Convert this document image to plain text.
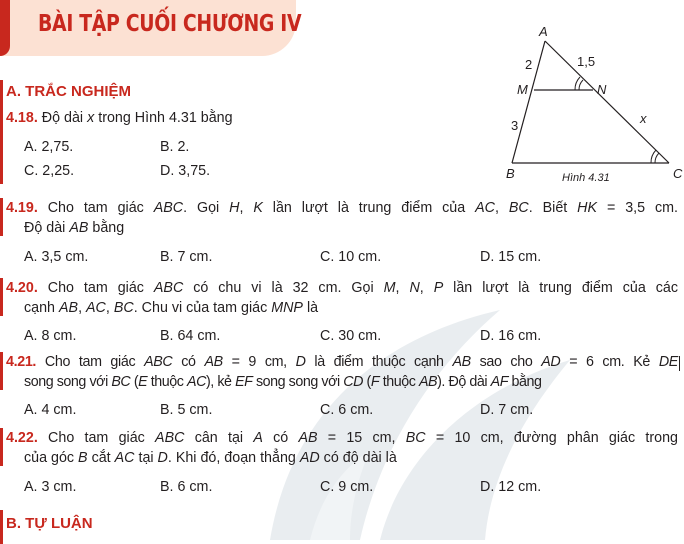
BÀI TẬP CUỐI CHƯƠNG IV
A. TRẮC NGHIỆM
4.18. Độ dài x trong Hình 4.31 bằng
A. 2,75.	B. 2.
C. 2,25.	D. 3,75.
A
B	C
M	N
2	1,5
3	x
Hình 4.31
4.19. Cho tam giác ABC. Gọi H, K lần lượt là trung điểm của AC, BC. Biết HK = 3,5 cm.
Độ dài AB bằng
A. 3,5 cm.	B. 7 cm.	C. 10 cm.	D. 15 cm.
4.20. Cho tam giác ABC có chu vi là 32 cm. Gọi M, N, P lần lượt là trung điểm của các
cạnh AB, AC, BC. Chu vi của tam giác MNP là
A. 8 cm.	B. 64 cm.	C. 30 cm.	D. 16 cm.
4.21. Cho tam giác ABC có AB = 9 cm, D là điểm thuộc cạnh AB sao cho AD = 6 cm. Kẻ DE
song song với BC (E thuộc AC), kẻ EF song song với CD (F thuộc AB). Độ dài AF bằng
A. 4 cm.	B. 5 cm.	C. 6 cm.	D. 7 cm.
4.22. Cho tam giác ABC cân tại A có AB = 15 cm, BC = 10 cm, đường phân giác trong
của góc B cắt AC tại D. Khi đó, đoạn thẳng AD có độ dài là
A. 3 cm.	B. 6 cm.	C. 9 cm.	D. 12 cm.
B. TỰ LUẬN
